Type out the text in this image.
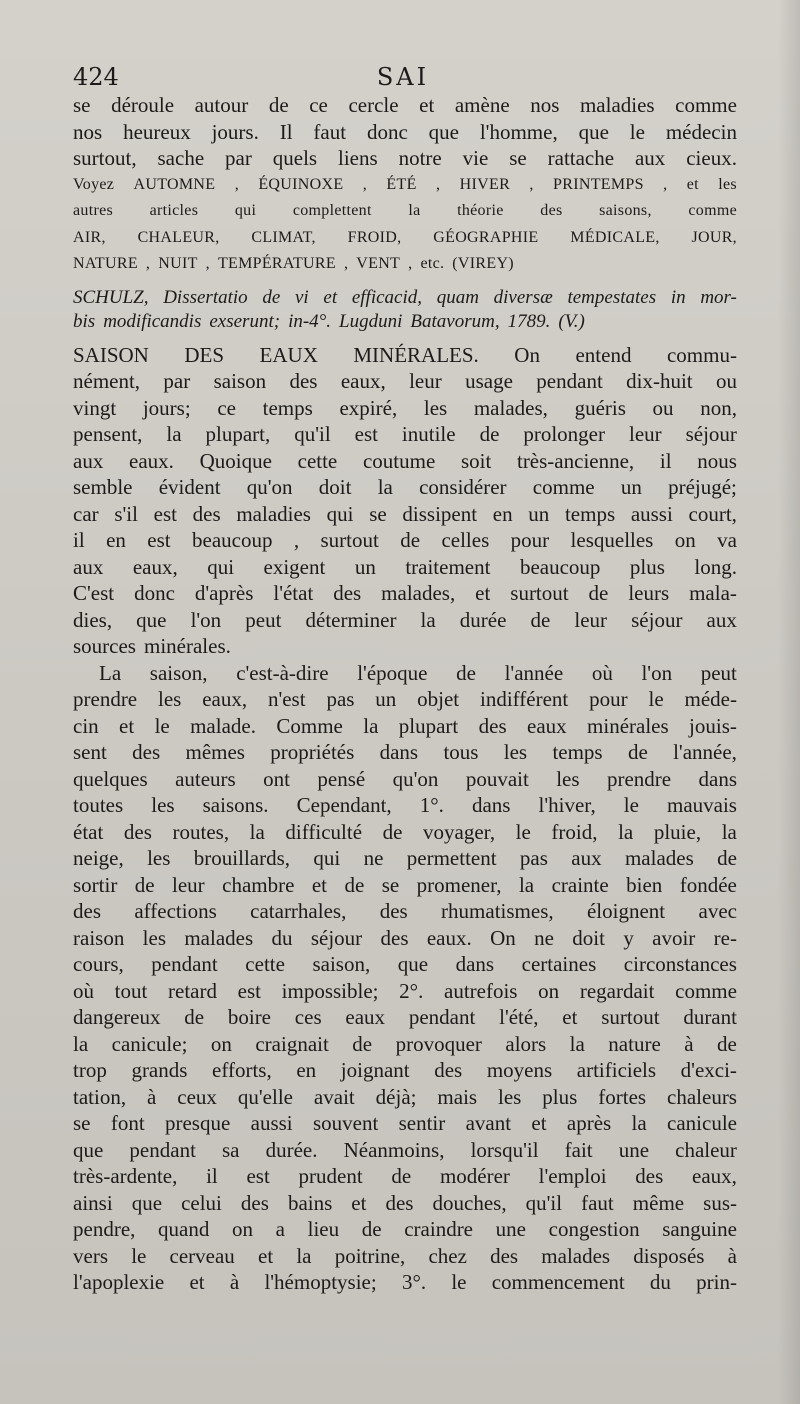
424	SAI
se déroule autour de ce cercle et amène nos maladies comme
nos heureux jours. Il faut donc que l'homme, que le médecin
surtout, sache par quels liens notre vie se rattache aux cieux.
Voyez AUTOMNE , ÉQUINOXE , ÉTÉ , HIVER , PRINTEMPS , et les
autres articles qui complettent la théorie des saisons, comme
AIR, CHALEUR, CLIMAT, FROID, GÉOGRAPHIE MÉDICALE, JOUR,
NATURE , NUIT , TEMPÉRATURE , VENT , etc. (VIREY)
SCHULZ, Dissertatio de vi et efficacid, quam diversæ tempestates in mor-
bis modificandis exserunt; in-4°. Lugduni Batavorum, 1789. (V.)
SAISON DES EAUX MINÉRALES. On entend commu-
nément, par saison des eaux, leur usage pendant dix-huit ou
vingt jours; ce temps expiré, les malades, guéris ou non,
pensent, la plupart, qu'il est inutile de prolonger leur séjour
aux eaux. Quoique cette coutume soit très-ancienne, il nous
semble évident qu'on doit la considérer comme un préjugé;
car s'il est des maladies qui se dissipent en un temps aussi court,
il en est beaucoup , surtout de celles pour lesquelles on va
aux eaux, qui exigent un traitement beaucoup plus long.
C'est donc d'après l'état des malades, et surtout de leurs mala-
dies, que l'on peut déterminer la durée de leur séjour aux
sources minérales.
La saison, c'est-à-dire l'époque de l'année où l'on peut
prendre les eaux, n'est pas un objet indifférent pour le méde-
cin et le malade. Comme la plupart des eaux minérales jouis-
sent des mêmes propriétés dans tous les temps de l'année,
quelques auteurs ont pensé qu'on pouvait les prendre dans
toutes les saisons. Cependant, 1°. dans l'hiver, le mauvais
état des routes, la difficulté de voyager, le froid, la pluie, la
neige, les brouillards, qui ne permettent pas aux malades de
sortir de leur chambre et de se promener, la crainte bien fondée
des affections catarrhales, des rhumatismes, éloignent avec
raison les malades du séjour des eaux. On ne doit y avoir re-
cours, pendant cette saison, que dans certaines circonstances
où tout retard est impossible; 2°. autrefois on regardait comme
dangereux de boire ces eaux pendant l'été, et surtout durant
la canicule; on craignait de provoquer alors la nature à de
trop grands efforts, en joignant des moyens artificiels d'exci-
tation, à ceux qu'elle avait déjà; mais les plus fortes chaleurs
se font presque aussi souvent sentir avant et après la canicule
que pendant sa durée. Néanmoins, lorsqu'il fait une chaleur
très-ardente, il est prudent de modérer l'emploi des eaux,
ainsi que celui des bains et des douches, qu'il faut même sus-
pendre, quand on a lieu de craindre une congestion sanguine
vers le cerveau et la poitrine, chez des malades disposés à
l'apoplexie et à l'hémoptysie; 3°. le commencement du prin-
